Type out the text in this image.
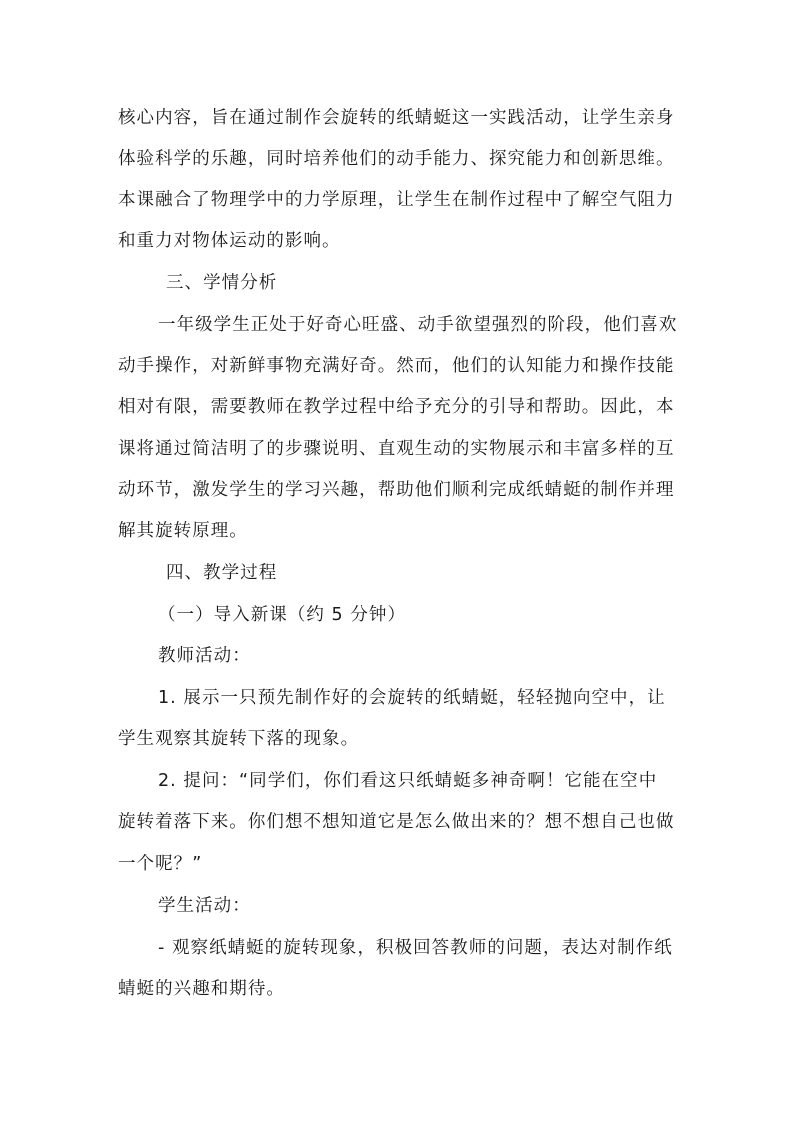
核心内容，旨在通过制作会旋转的纸蜻蜓这一实践活动，让学生亲身
体验科学的乐趣，同时培养他们的动手能力、探究能力和创新思维。
本课融合了物理学中的力学原理，让学生在制作过程中了解空气阻力
和重力对物体运动的影响。
三、学情分析
一年级学生正处于好奇心旺盛、动手欲望强烈的阶段，他们喜欢
动手操作，对新鲜事物充满好奇。然而，他们的认知能力和操作技能
相对有限，需要教师在教学过程中给予充分的引导和帮助。因此，本
课将通过简洁明了的步骤说明、直观生动的实物展示和丰富多样的互
动环节，激发学生的学习兴趣，帮助他们顺利完成纸蜻蜓的制作并理
解其旋转原理。
四、教学过程
（一）导入新课（约 5 分钟）
教师活动：
1. 展示一只预先制作好的会旋转的纸蜻蜓，轻轻抛向空中，让
学生观察其旋转下落的现象。
2. 提问：“同学们，你们看这只纸蜻蜓多神奇啊！它能在空中
旋转着落下来。你们想不想知道它是怎么做出来的？想不想自己也做
一个呢？”
学生活动：
- 观察纸蜻蜓的旋转现象，积极回答教师的问题，表达对制作纸
蜻蜓的兴趣和期待。
